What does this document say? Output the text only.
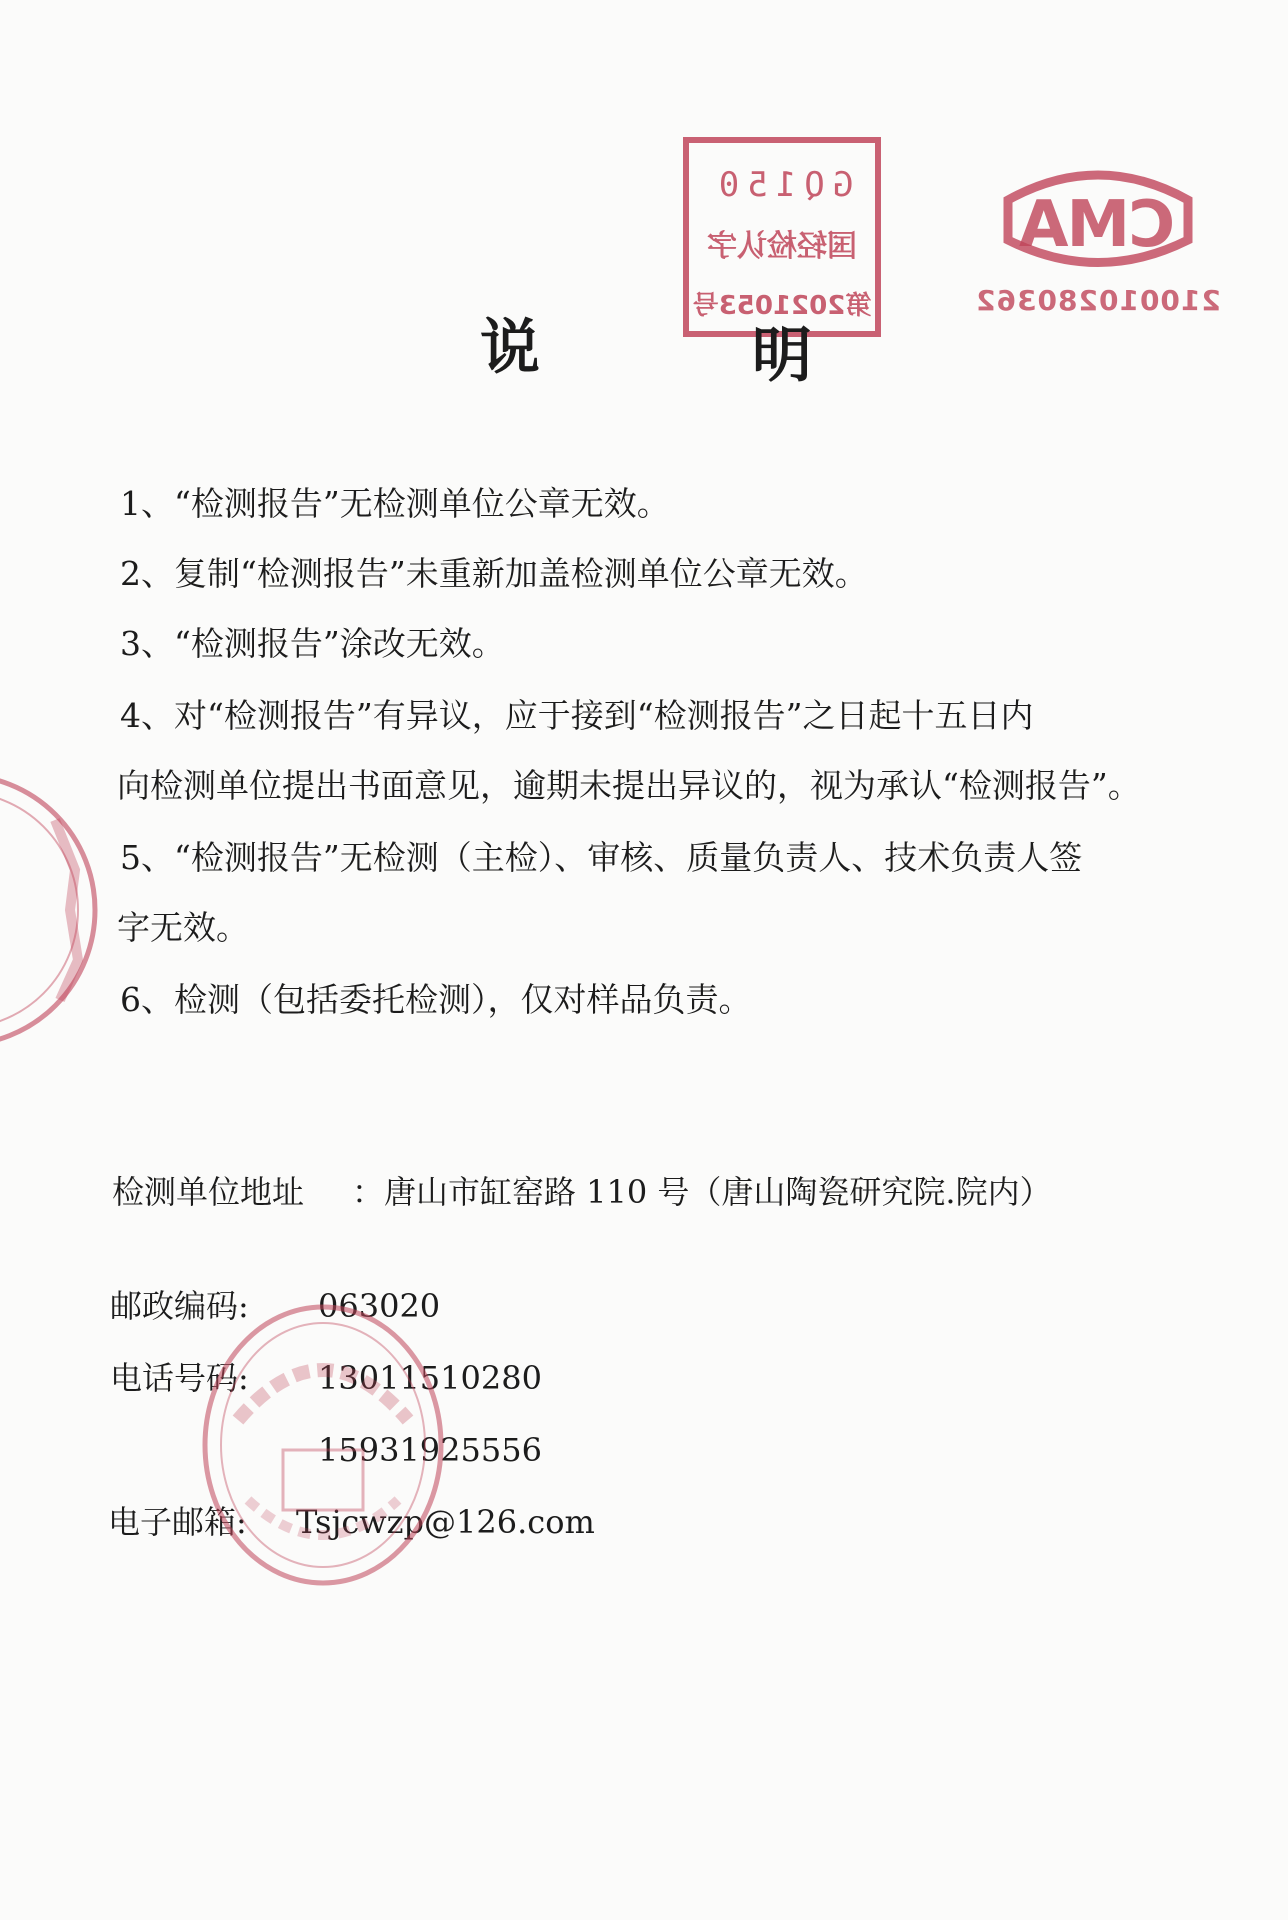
GQ150
国轻检认字
第2021053号
CMA
210010280362
说	明
1、“检测报告”无检测单位公章无效。
2、复制“检测报告”未重新加盖检测单位公章无效。
3、“检测报告”涂改无效。
4、对“检测报告”有异议，应于接到“检测报告”之日起十五日内
向检测单位提出书面意见，逾期未提出异议的，视为承认“检测报告”。
5、“检测报告”无检测（主检）、审核、质量负责人、技术负责人签
字无效。
6、检测（包括委托检测），仅对样品负责。
检测单位地址 ：唐山市缸窑路 110 号（唐山陶瓷研究院.院内）
邮政编码: 063020
电话号码: 13011510280
15931925556
电子邮箱: Tsjcwzp@126.com
